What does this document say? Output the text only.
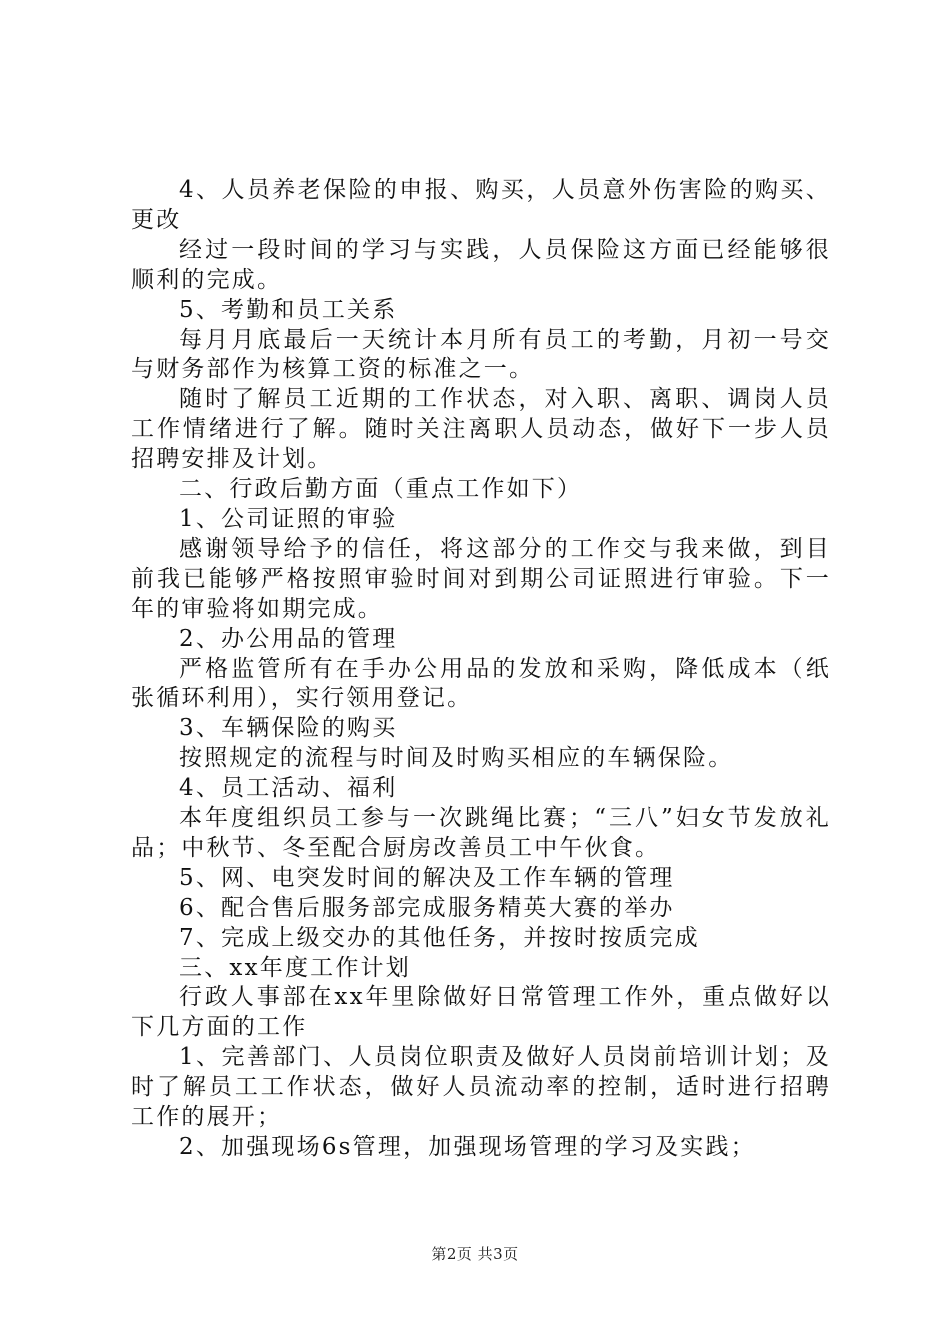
4、人员养老保险的申报、购买，人员意外伤害险的购买、更改

经过一段时间的学习与实践，人员保险这方面已经能够很顺利的完成。

5、考勤和员工关系

每月月底最后一天统计本月所有员工的考勤，月初一号交与财务部作为核算工资的标准之一。

随时了解员工近期的工作状态，对入职、离职、调岗人员工作情绪进行了解。随时关注离职人员动态，做好下一步人员招聘安排及计划。

二、行政后勤方面（重点工作如下）

1、公司证照的审验

感谢领导给予的信任，将这部分的工作交与我来做，到目前我已能够严格按照审验时间对到期公司证照进行审验。下一年的审验将如期完成。

2、办公用品的管理

严格监管所有在手办公用品的发放和采购，降低成本（纸张循环利用），实行领用登记。

3、车辆保险的购买

按照规定的流程与时间及时购买相应的车辆保险。

4、员工活动、福利

本年度组织员工参与一次跳绳比赛；“三八”妇女节发放礼品；中秋节、冬至配合厨房改善员工中午伙食。

5、网、电突发时间的解决及工作车辆的管理

6、配合售后服务部完成服务精英大赛的举办

7、完成上级交办的其他任务，并按时按质完成

三、xx年度工作计划

行政人事部在xx年里除做好日常管理工作外，重点做好以下几方面的工作

1、完善部门、人员岗位职责及做好人员岗前培训计划；及时了解员工工作状态，做好人员流动率的控制，适时进行招聘工作的展开；

2、加强现场6s管理，加强现场管理的学习及实践；

第2页 共3页
